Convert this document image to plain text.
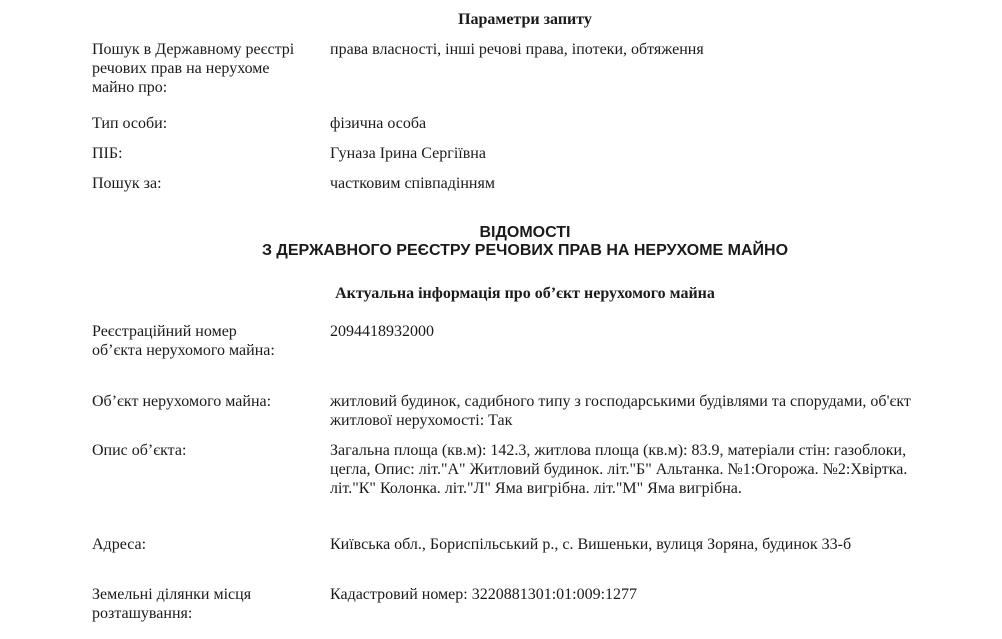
Параметри запиту
Пошук в Державному реєстрі речових прав на нерухоме майно про:
права власності, інші речові права, іпотеки, обтяження
Тип особи:	фізична особа
ПІБ:	Гуназа Ірина Сергіївна
Пошук за:	частковим співпадінням
ВІДОМОСТІ
З ДЕРЖАВНОГО РЕЄСТРУ РЕЧОВИХ ПРАВ НА НЕРУХОМЕ МАЙНО
Актуальна інформація про об’єкт нерухомого майна
Реєстраційний номер об’єкта нерухомого майна:
2094418932000
Об’єкт нерухомого майна:	житловий будинок, садибного типу з господарськими будівлями та спорудами, об'єкт житлової нерухомості: Так
Опис об’єкта:	Загальна площа (кв.м): 142.3, житлова площа (кв.м): 83.9, матеріали стін: газоблоки, цегла, Опис: літ."А" Житловий будинок. літ."Б" Альтанка. №1:Огорожа. №2:Хвіртка. літ."К" Колонка. літ."Л" Яма вигрібна. літ."М" Яма вигрібна.
Адреса:	Київська обл., Бориспільський р., с. Вишеньки, вулиця Зоряна, будинок 33-б
Земельні ділянки місця розташування:
Кадастровий номер: 3220881301:01:009:1277
